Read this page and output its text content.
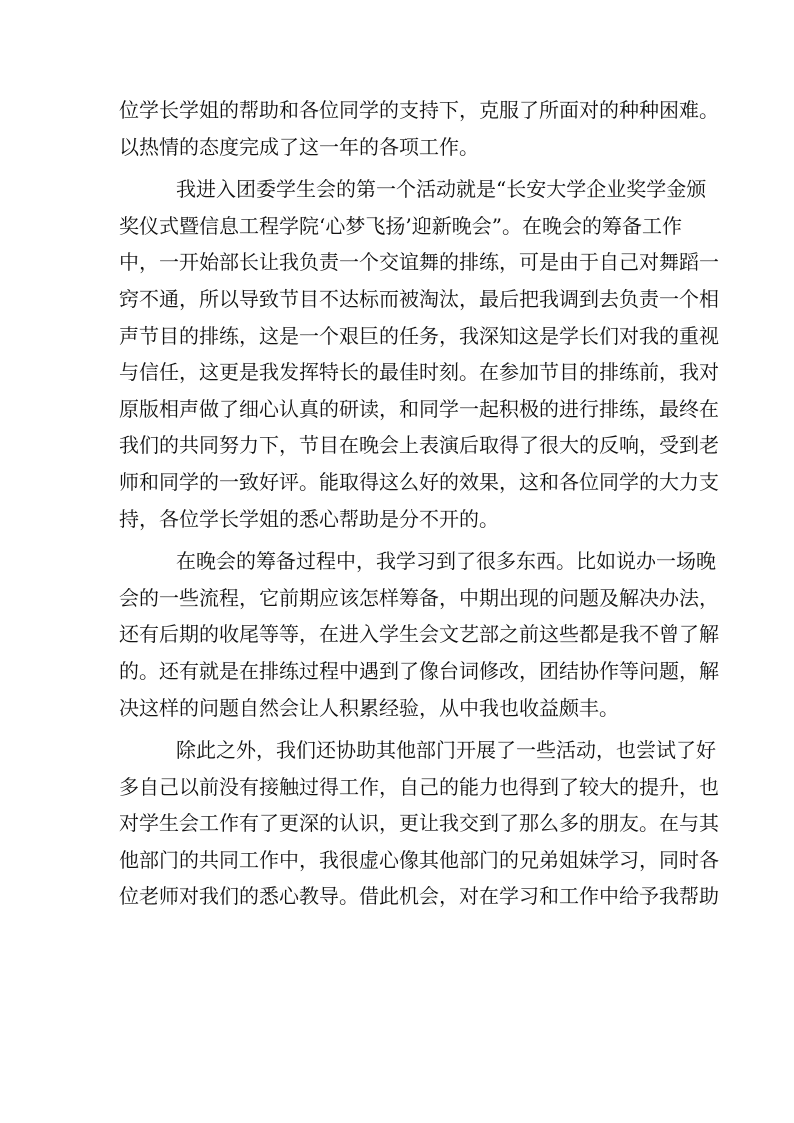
位 学 长 学 姐 的 帮 助 和 各 位 同 学 的 支 持 下 ， 克 服 了 所 面 对 的 种 种 困 难 。
以热情的态度完成了这一年的各项工作。
我 进 入 团 委 学 生 会 的 第 一 个 活 动 就 是 “ 长 安 大 学 企 业 奖 学 金 颁
奖 仪 式 暨 信 息 工 程 学 院 ‘ 心 梦 飞 扬 ’ 迎 新 晚 会 ” 。 在 晚 会 的 筹 备 工 作
中 ， 一 开 始 部 长 让 我 负 责 一 个 交 谊 舞 的 排 练 ， 可 是 由 于 自 己 对 舞 蹈 一
窍 不 通 ， 所 以 导 致 节 目 不 达 标 而 被 淘 汰 ， 最 后 把 我 调 到 去 负 责 一 个 相
声 节 目 的 排 练 ， 这 是 一 个 艰 巨 的 任 务 ， 我 深 知 这 是 学 长 们 对 我 的 重 视
与 信 任 ， 这 更 是 我 发 挥 特 长 的 最 佳 时 刻 。 在 参 加 节 目 的 排 练 前 ， 我 对
原 版 相 声 做 了 细 心 认 真 的 研 读 ， 和 同 学 一 起 积 极 的 进 行 排 练 ， 最 终 在
我 们 的 共 同 努 力 下 ， 节 目 在 晚 会 上 表 演 后 取 得 了 很 大 的 反 响 ， 受 到 老
师 和 同 学 的 一 致 好 评 。 能 取 得 这 么 好 的 效 果 ， 这 和 各 位 同 学 的 大 力 支
持，各位学长学姐的悉心帮助是分不开的。
在 晚 会 的 筹 备 过 程 中 ， 我 学 习 到 了 很 多 东 西 。 比 如 说 办 一 场 晚
会 的 一 些 流 程 ， 它 前 期 应 该 怎 样 筹 备 ， 中 期 出 现 的 问 题 及 解 决 办 法 ，
还 有 后 期 的 收 尾 等 等 ， 在 进 入 学 生 会 文 艺 部 之 前 这 些 都 是 我 不 曾 了 解
的 。 还 有 就 是 在 排 练 过 程 中 遇 到 了 像 台 词 修 改 ， 团 结 协 作 等 问 题 ， 解
决这样的问题自然会让人积累经验，从中我也收益颇丰。
除 此 之 外 ， 我 们 还 协 助 其 他 部 门 开 展 了 一 些 活 动 ， 也 尝 试 了 好
多 自 己 以 前 没 有 接 触 过 得 工 作 ， 自 己 的 能 力 也 得 到 了 较 大 的 提 升 ， 也
对 学 生 会 工 作 有 了 更 深 的 认 识 ， 更 让 我 交 到 了 那 么 多 的 朋 友 。 在 与 其
他 部 门 的 共 同 工 作 中 ， 我 很 虚 心 像 其 他 部 门 的 兄 弟 姐 妹 学 习 ， 同 时 各
位 老 师 对 我 们 的 悉 心 教 导 。 借 此 机 会 ， 对 在 学 习 和 工 作 中 给 予 我 帮 助
